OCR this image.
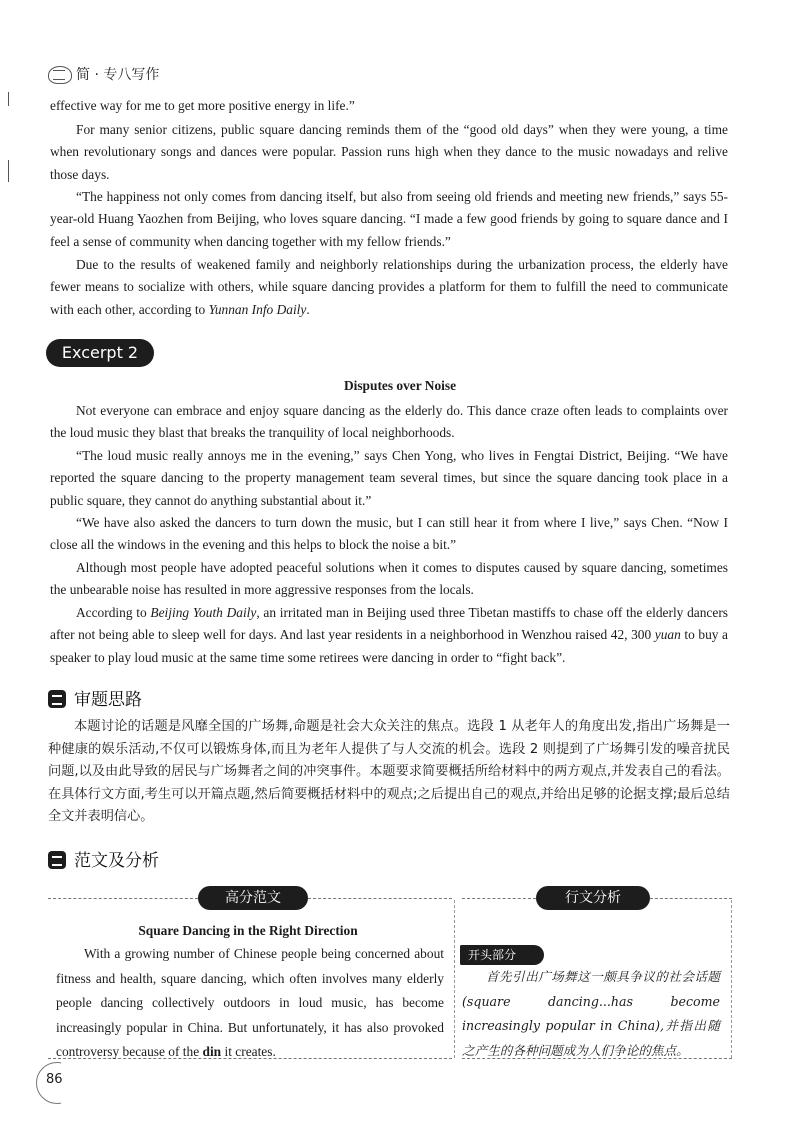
简 · 专八写作
effective way for me to get more positive energy in life.”
For many senior citizens, public square dancing reminds them of the “good old days” when they were young, a time when revolutionary songs and dances were popular. Passion runs high when they dance to the music nowadays and relive those days.
“The happiness not only comes from dancing itself, but also from seeing old friends and meeting new friends,” says 55-year-old Huang Yaozhen from Beijing, who loves square dancing. “I made a few good friends by going to square dance and I feel a sense of community when dancing together with my fellow friends.”
Due to the results of weakened family and neighborly relationships during the urbanization process, the elderly have fewer means to socialize with others, while square dancing provides a platform for them to fulfill the need to communicate with each other, according to Yunnan Info Daily.
Excerpt 2
Disputes over Noise
Not everyone can embrace and enjoy square dancing as the elderly do. This dance craze often leads to complaints over the loud music they blast that breaks the tranquility of local neighborhoods.
“The loud music really annoys me in the evening,” says Chen Yong, who lives in Fengtai District, Beijing. “We have reported the square dancing to the property management team several times, but since the square dancing took place in a public square, they cannot do anything substantial about it.”
“We have also asked the dancers to turn down the music, but I can still hear it from where I live,” says Chen. “Now I close all the windows in the evening and this helps to block the noise a bit.”
Although most people have adopted peaceful solutions when it comes to disputes caused by square dancing, sometimes the unbearable noise has resulted in more aggressive responses from the locals.
According to Beijing Youth Daily, an irritated man in Beijing used three Tibetan mastiffs to chase off the elderly dancers after not being able to sleep well for days. And last year residents in a neighborhood in Wenzhou raised 42, 300 yuan to buy a speaker to play loud music at the same time some retirees were dancing in order to “fight back”.
审题思路
本题讨论的话题是风靡全国的广场舞,命题是社会大众关注的焦点。选段 1 从老年人的角度出发,指出广场舞是一种健康的娱乐活动,不仅可以锻炼身体,而且为老年人提供了与人交流的机会。选段 2 则提到了广场舞引发的噪音扰民问题,以及由此导致的居民与广场舞者之间的冲突事件。本题要求简要概括所给材料中的两方观点,并发表自己的看法。在具体行文方面,考生可以开篇点题,然后简要概括材料中的观点;之后提出自己的观点,并给出足够的论据支撑;最后总结全文并表明信心。
范文及分析
高分范文	行文分析
Square Dancing in the Right Direction
With a growing number of Chinese people being concerned about fitness and health, square dancing, which often involves many elderly people dancing collectively outdoors in loud music, has become increasingly popular in China. But unfortunately, it has also provoked controversy because of the din it creates.
开头部分
首先引出广场舞这一颇具争议的社会话题(square dancing...has become increasingly popular in China),并指出随之产生的各种问题成为人们争论的焦点。
86
